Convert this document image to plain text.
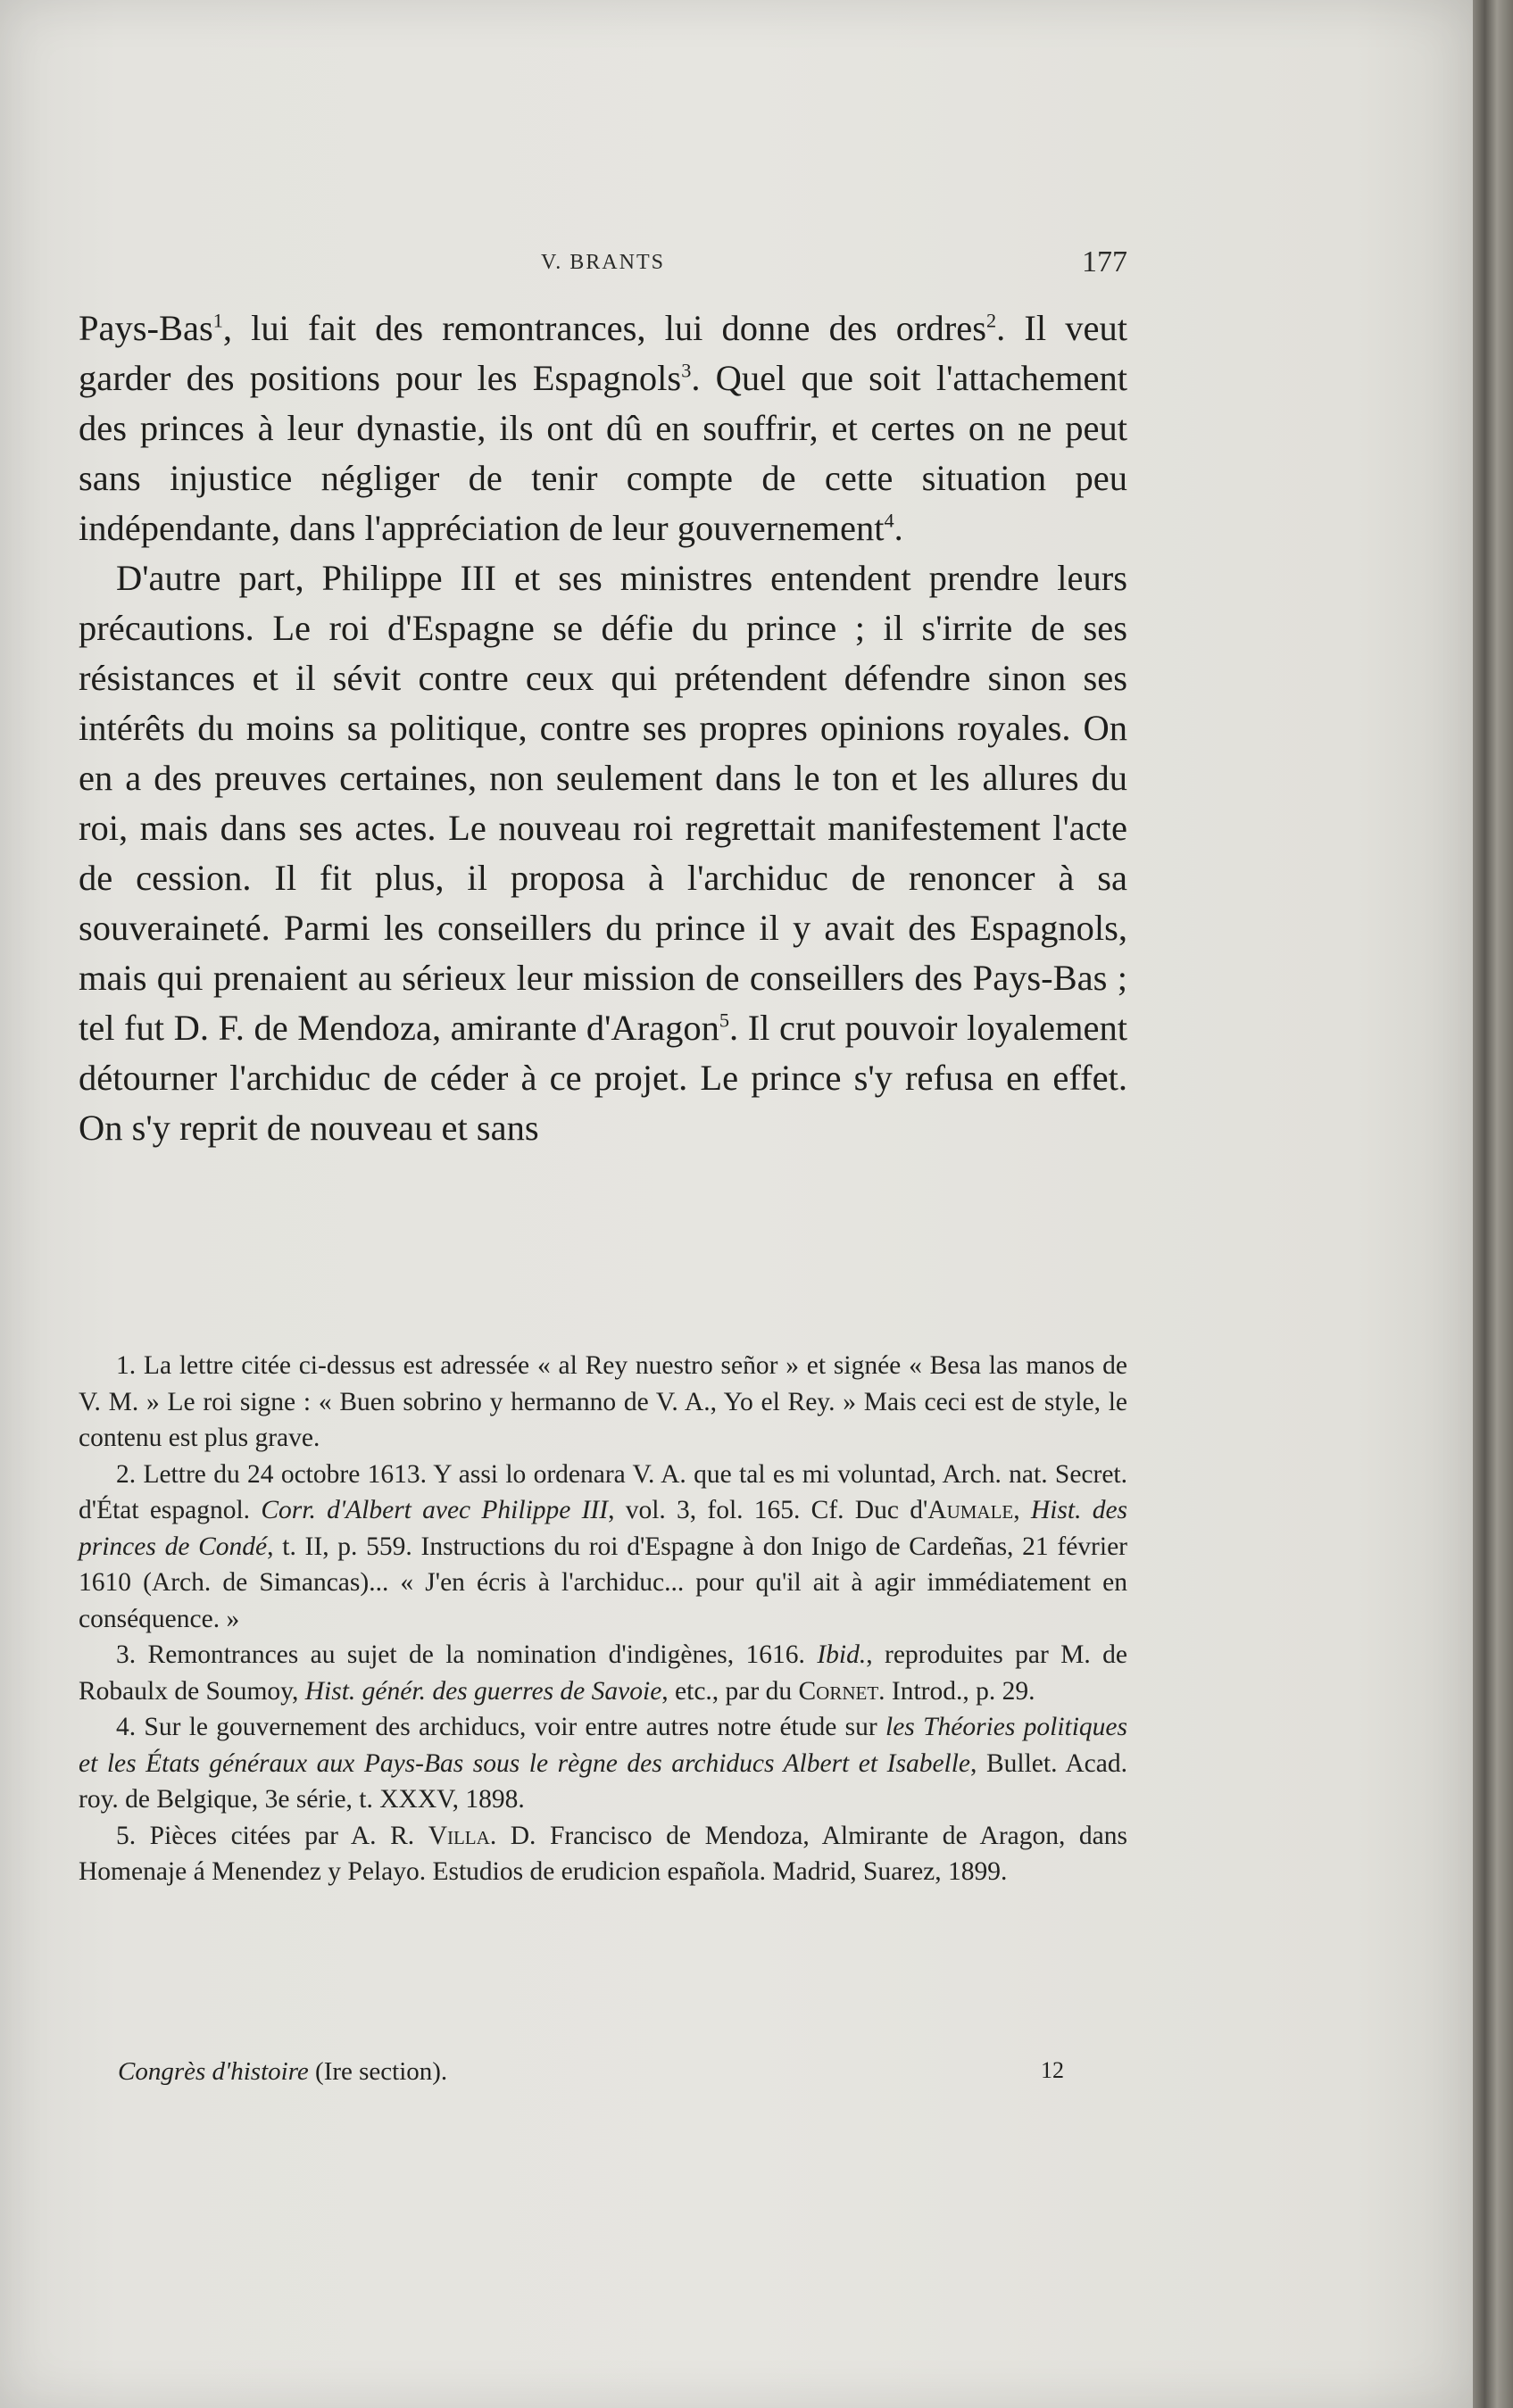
V. BRANTS	177

Pays-Bas$^1$, lui fait des remontrances, lui donne des ordres$^2$. Il veut garder des positions pour les Espagnols$^3$. Quel que soit l'attachement des princes à leur dynastie, ils ont dû en souffrir, et certes on ne peut sans injustice négliger de tenir compte de cette situation peu indépendante, dans l'appréciation de leur gouvernement$^4$.

D'autre part, Philippe III et ses ministres entendent prendre leurs précautions. Le roi d'Espagne se défie du prince ; il s'irrite de ses résistances et il sévit contre ceux qui prétendent défendre sinon ses intérêts du moins sa politique, contre ses propres opinions royales. On en a des preuves certaines, non seulement dans le ton et les allures du roi, mais dans ses actes. Le nouveau roi regrettait manifestement l'acte de cession. Il fit plus, il proposa à l'archiduc de renoncer à sa souveraineté. Parmi les conseillers du prince il y avait des Espagnols, mais qui prenaient au sérieux leur mission de conseillers des Pays-Bas ; tel fut D. F. de Mendoza, amirante d'Aragon$^5$. Il crut pouvoir loyalement détourner l'archiduc de céder à ce projet. Le prince s'y refusa en effet. On s'y reprit de nouveau et sans

1. La lettre citée ci-dessus est adressée « al Rey nuestro señor » et signée « Besa las manos de V. M. » Le roi signe : « Buen sobrino y hermanno de V. A., Yo el Rey. » Mais ceci est de style, le contenu est plus grave.

2. Lettre du 24 octobre 1613. Y assi lo ordenara V. A. que tal es mi voluntad, Arch. nat. Secret. d'État espagnol. Corr. d'Albert avec Philippe III, vol. 3, fol. 165. Cf. Duc d'Aumale, Hist. des princes de Condé, t. II, p. 559. Instructions du roi d'Espagne à don Inigo de Cardeñas, 21 février 1610 (Arch. de Simancas)... « J'en écris à l'archiduc... pour qu'il ait à agir immédiatement en conséquence. »

3. Remontrances au sujet de la nomination d'indigènes, 1616. Ibid., reproduites par M. de Robaulx de Soumoy, Hist. génér. des guerres de Savoie, etc., par du Cornet. Introd., p. 29.

4. Sur le gouvernement des archiducs, voir entre autres notre étude sur les Théories politiques et les États généraux aux Pays-Bas sous le règne des archiducs Albert et Isabelle, Bullet. Acad. roy. de Belgique, 3e série, t. XXXV, 1898.

5. Pièces citées par A. R. Villa. D. Francisco de Mendoza, Almirante de Aragon, dans Homenaje á Menendez y Pelayo. Estudios de erudicion española. Madrid, Suarez, 1899.

Congrès d'histoire (Ire section).	12
